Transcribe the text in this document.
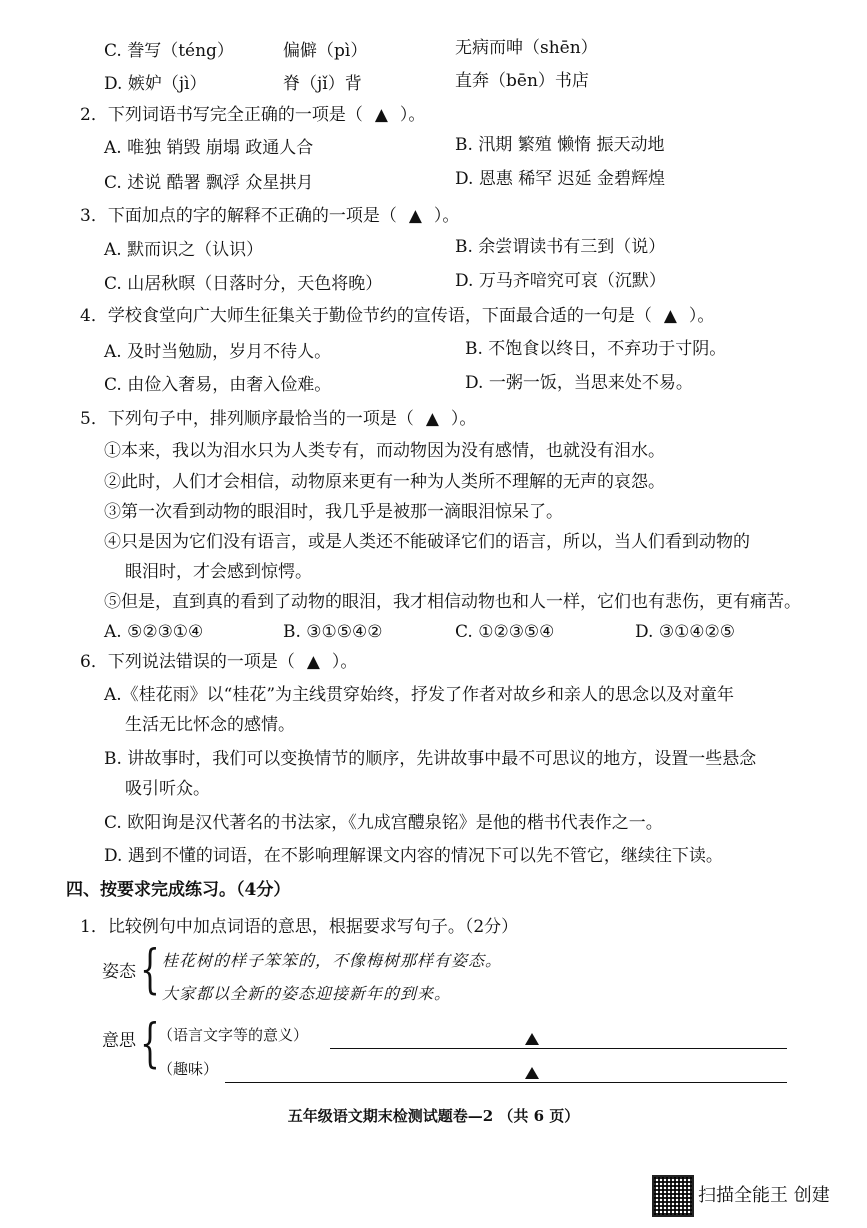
C. 誊写（téng）	偏僻（pì）	无病而呻（shēn）
D. 嫉妒（jì）	脊（jǐ）背	直奔（bēn）书店
2．下列词语书写完全正确的一项是（ ▲ ）。
A. 唯独 销毁 崩塌 政通人合	B. 汛期 繁殖 懒惰 振天动地
C. 述说 酷署 飘浮 众星拱月	D. 恩惠 稀罕 迟延 金碧辉煌
3．下面加点的字的解释不正确的一项是（ ▲ ）。
A. 默而识之（认识）	B. 余尝谓读书有三到（说）
C. 山居秋暝（日落时分，天色将晚）	D. 万马齐喑究可哀（沉默）
4．学校食堂向广大师生征集关于勤俭节约的宣传语，下面最合适的一句是（ ▲ ）。
A. 及时当勉励，岁月不待人。	B. 不饱食以终日，不弃功于寸阴。
C. 由俭入奢易，由奢入俭难。	D. 一粥一饭，当思来处不易。
5．下列句子中，排列顺序最恰当的一项是（ ▲ ）。
①本来，我以为泪水只为人类专有，而动物因为没有感情，也就没有泪水。
②此时，人们才会相信，动物原来更有一种为人类所不理解的无声的哀怨。
③第一次看到动物的眼泪时，我几乎是被那一滴眼泪惊呆了。
④只是因为它们没有语言，或是人类还不能破译它们的语言，所以，当人们看到动物的
眼泪时，才会感到惊愕。
⑤但是，直到真的看到了动物的眼泪，我才相信动物也和人一样，它们也有悲伤，更有痛苦。
A. ⑤②③①④	B. ③①⑤④②	C. ①②③⑤④	D. ③①④②⑤
6．下列说法错误的一项是（ ▲ ）。
A.《桂花雨》以“桂花”为主线贯穿始终，抒发了作者对故乡和亲人的思念以及对童年
生活无比怀念的感情。
B. 讲故事时，我们可以变换情节的顺序，先讲故事中最不可思议的地方，设置一些悬念
吸引听众。
C. 欧阳询是汉代著名的书法家，《九成宫醴泉铭》是他的楷书代表作之一。
D. 遇到不懂的词语，在不影响理解课文内容的情况下可以先不管它，继续往下读。
四、按要求完成练习。（4分）
1．比较例句中加点词语的意思，根据要求写句子。（2分）
姿态 { 桂花树的样子笨笨的，不像梅树那样有姿态。
大家都以全新的姿态迎接新年的到来。
意思 {
（语言文字等的意义）
（趣味）
五年级语文期末检测试题卷—2 （共 6 页）
扫描全能王 创建
